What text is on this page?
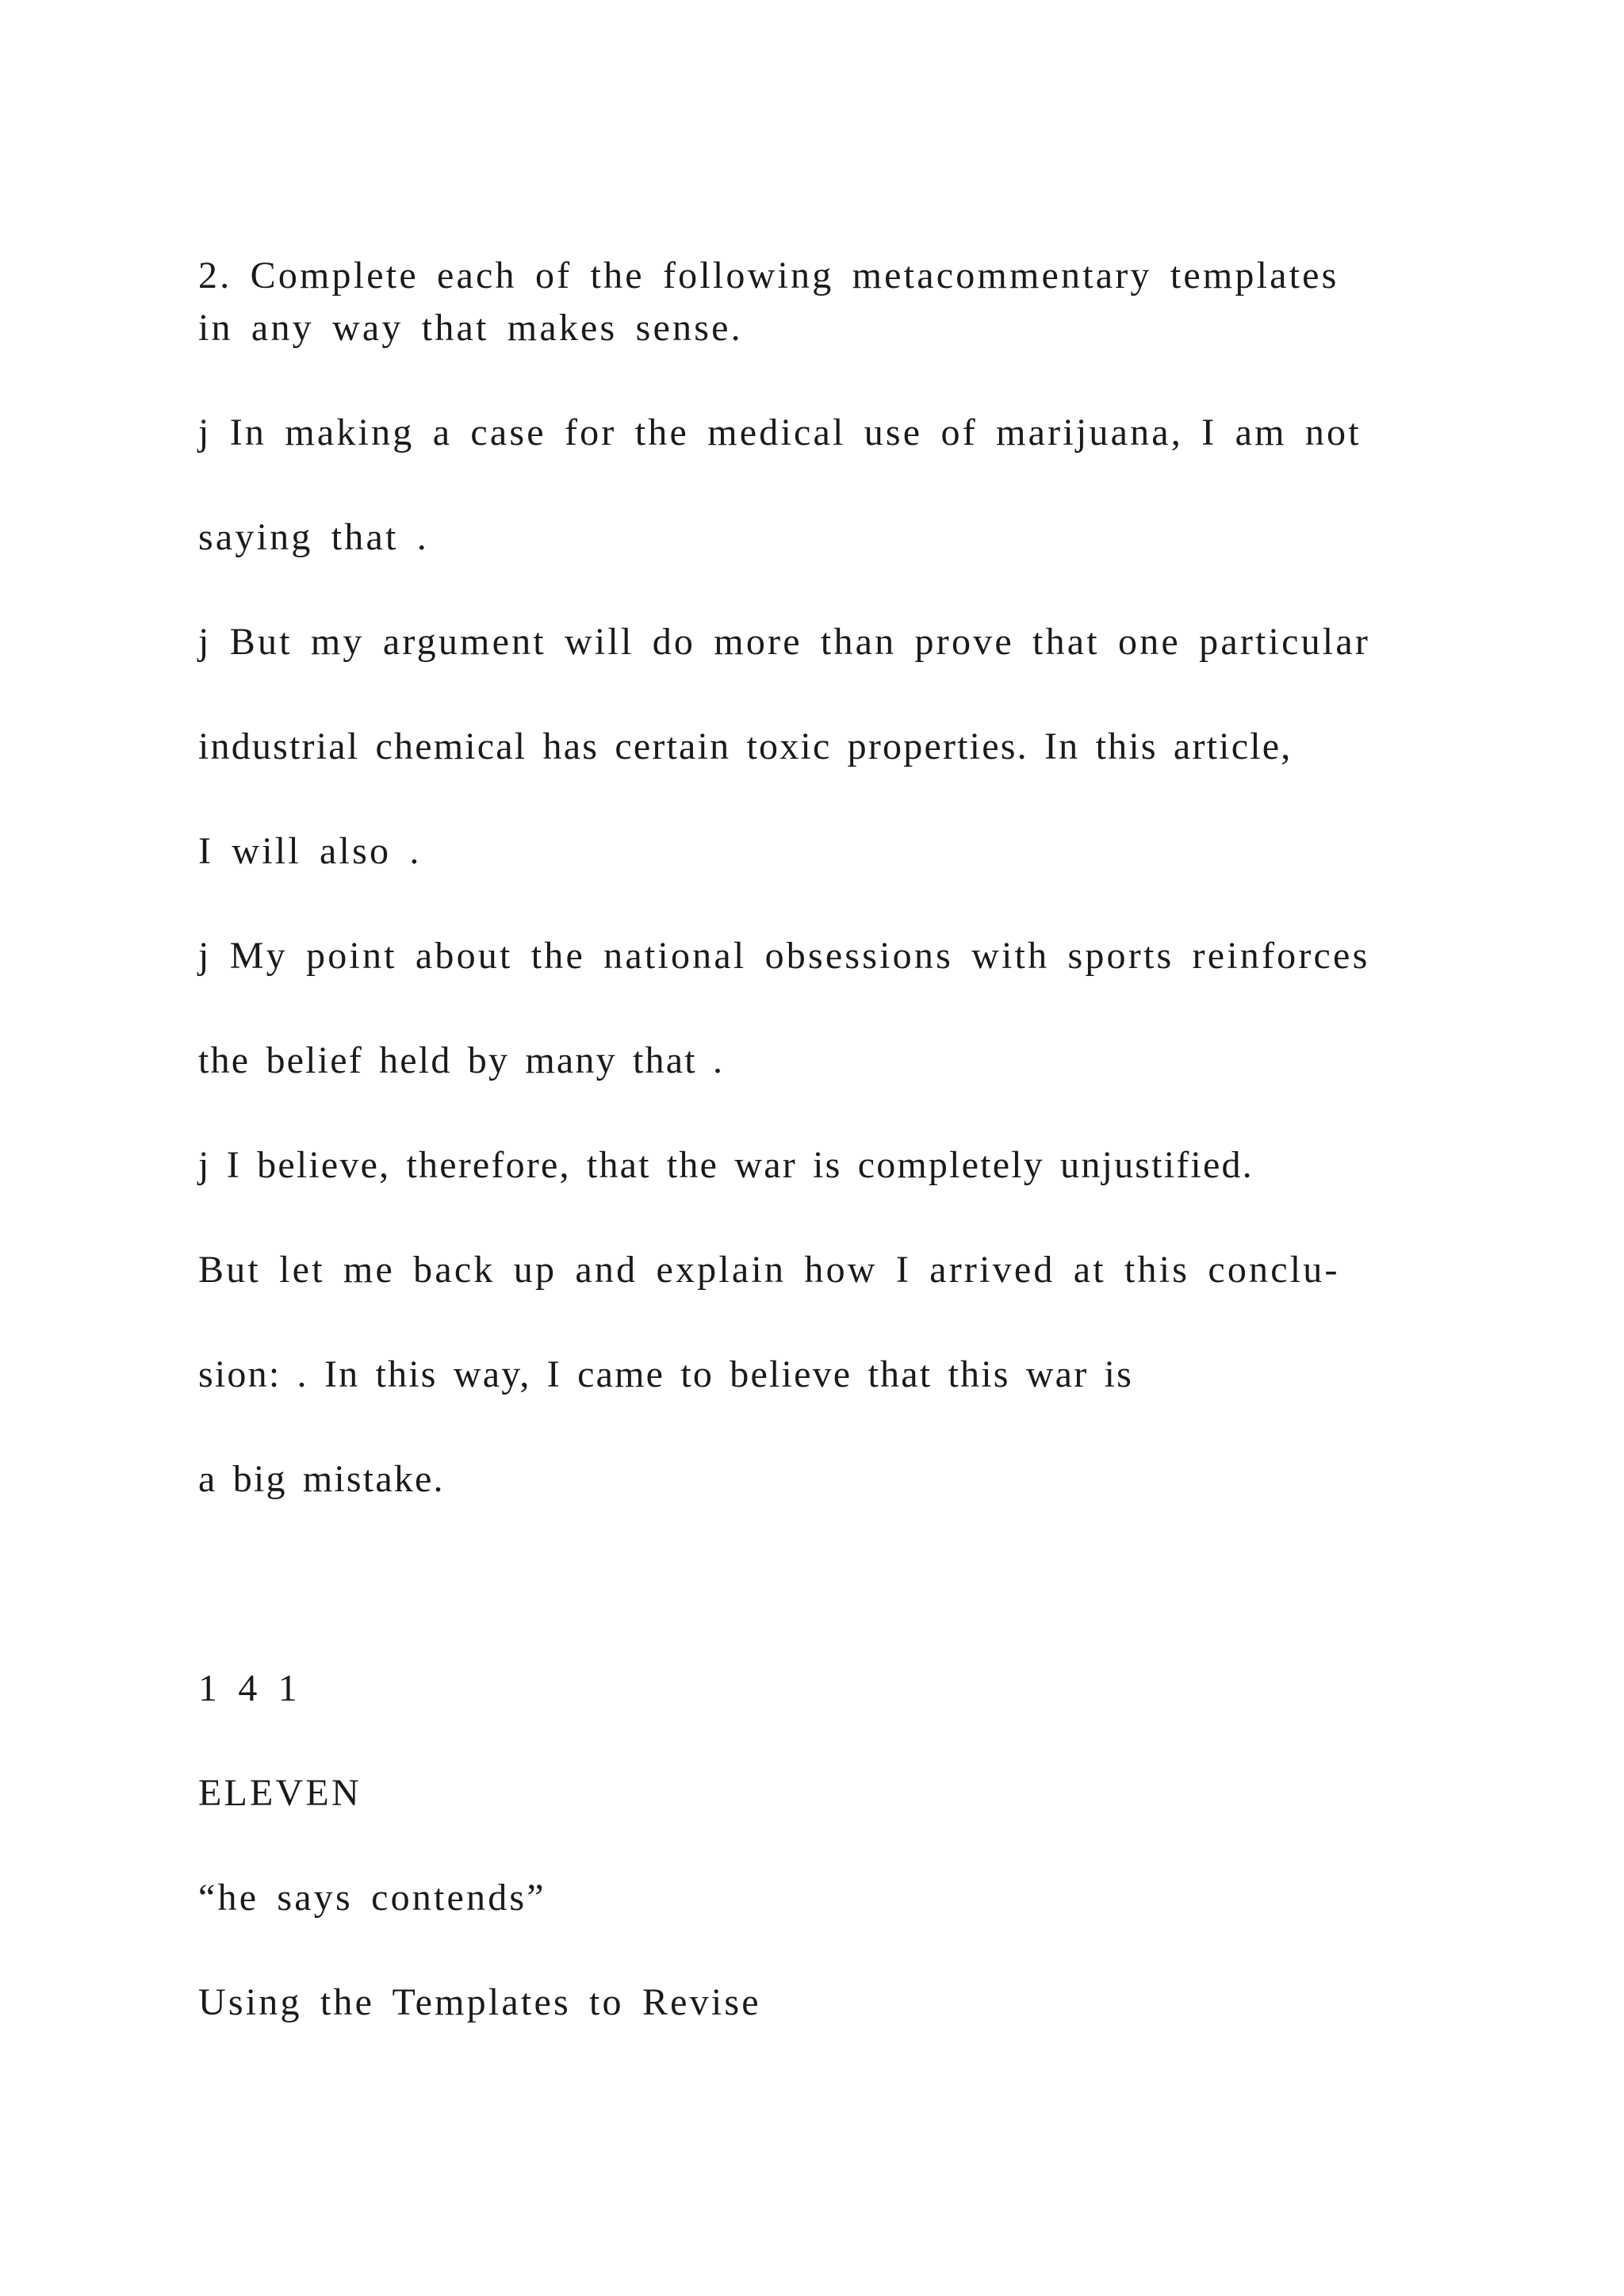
2. Complete each of the following metacommentary templates
in any way that makes sense.
j In making a case for the medical use of marijuana, I am not
saying that .
j But my argument will do more than prove that one particular
industrial chemical has certain toxic properties. In this article,
I will also .
j My point about the national obsessions with sports reinforces
the belief held by many that .
j I believe, therefore, that the war is completely unjustified.
But let me back up and explain how I arrived at this conclu-
sion: . In this way, I came to believe that this war is
a big mistake.
1 4 1
ELEVEN
“he says contends”
Using the Templates to Revise
